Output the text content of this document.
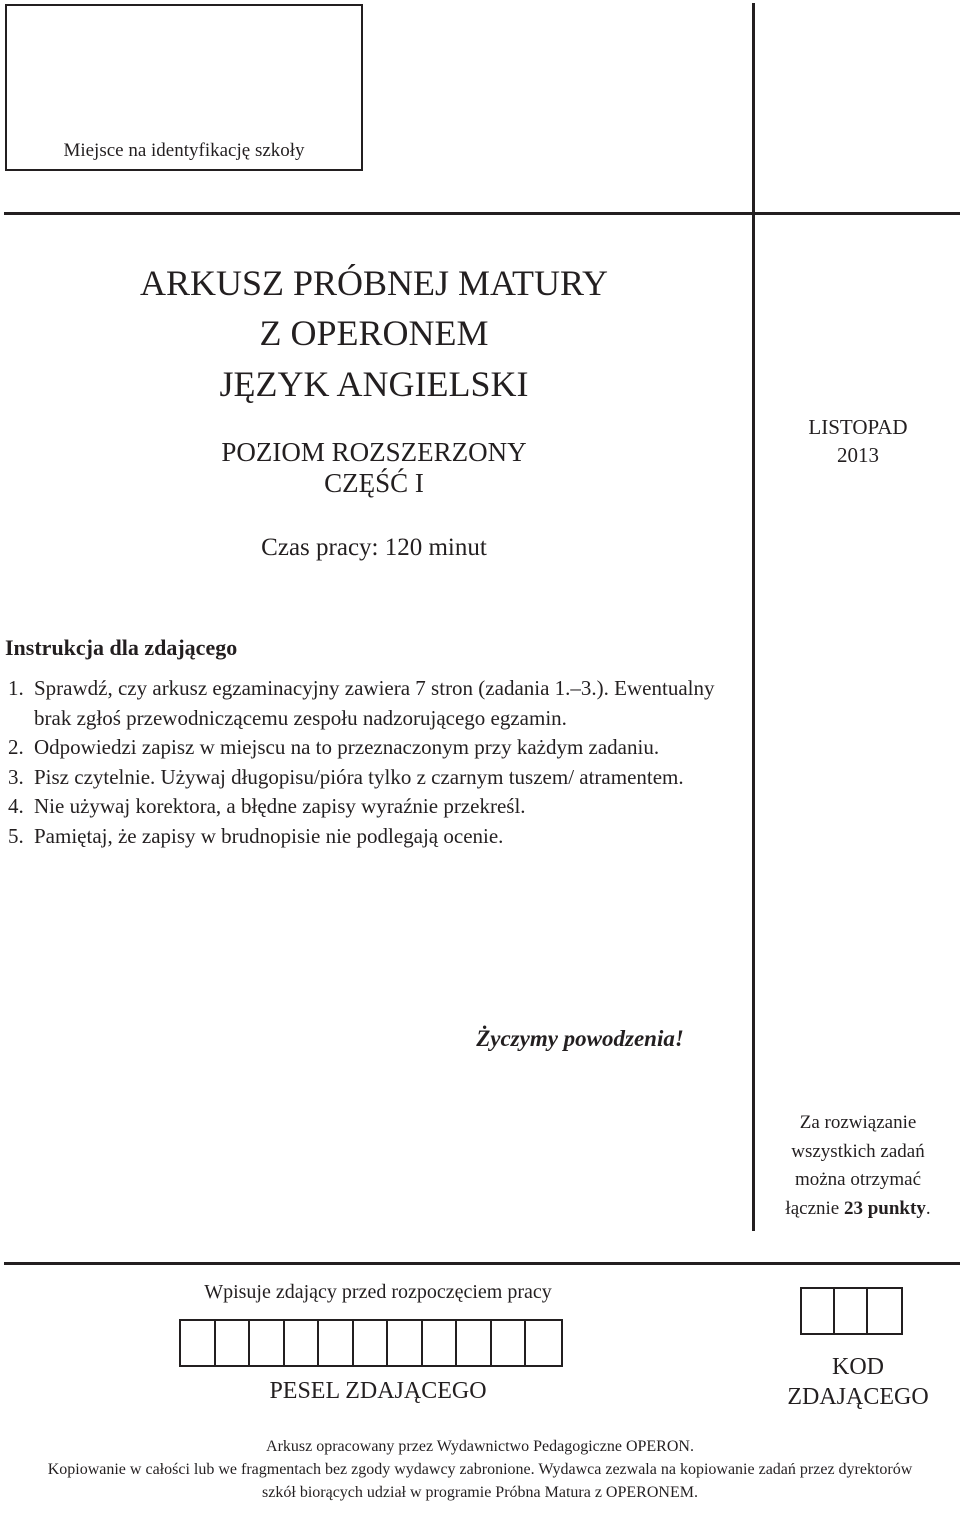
Miejsce na identyfikację szkoły
ARKUSZ PRÓBNEJ MATURY
Z OPERONEM
JĘZYK ANGIELSKI
POZIOM ROZSZERZONY
CZĘŚĆ I
LISTOPAD
2013
Czas pracy: 120 minut
Instrukcja dla zdającego
1. Sprawdź, czy arkusz egzaminacyjny zawiera 7 stron (zadania 1.–3.). Ewentualny brak zgłoś przewodniczącemu zespołu nadzorującego egzamin.
2. Odpowiedzi zapisz w miejscu na to przeznaczonym przy każdym zadaniu.
3. Pisz czytelnie. Używaj długopisu/pióra tylko z czarnym tuszem/ atramentem.
4. Nie używaj korektora, a błędne zapisy wyraźnie przekreśl.
5. Pamiętaj, że zapisy w brudnopisie nie podlegają ocenie.
Życzymy powodzenia!
Za rozwiązanie
wszystkich zadań
można otrzymać
łącznie 23 punkty.
Wpisuje zdający przed rozpoczęciem pracy
PESEL ZDAJĄCEGO
KOD
ZDAJĄCEGO
Arkusz opracowany przez Wydawnictwo Pedagogiczne OPERON.
Kopiowanie w całości lub we fragmentach bez zgody wydawcy zabronione. Wydawca zezwala na kopiowanie zadań przez dyrektorów
szkół biorących udział w programie Próbna Matura z OPERONEM.
